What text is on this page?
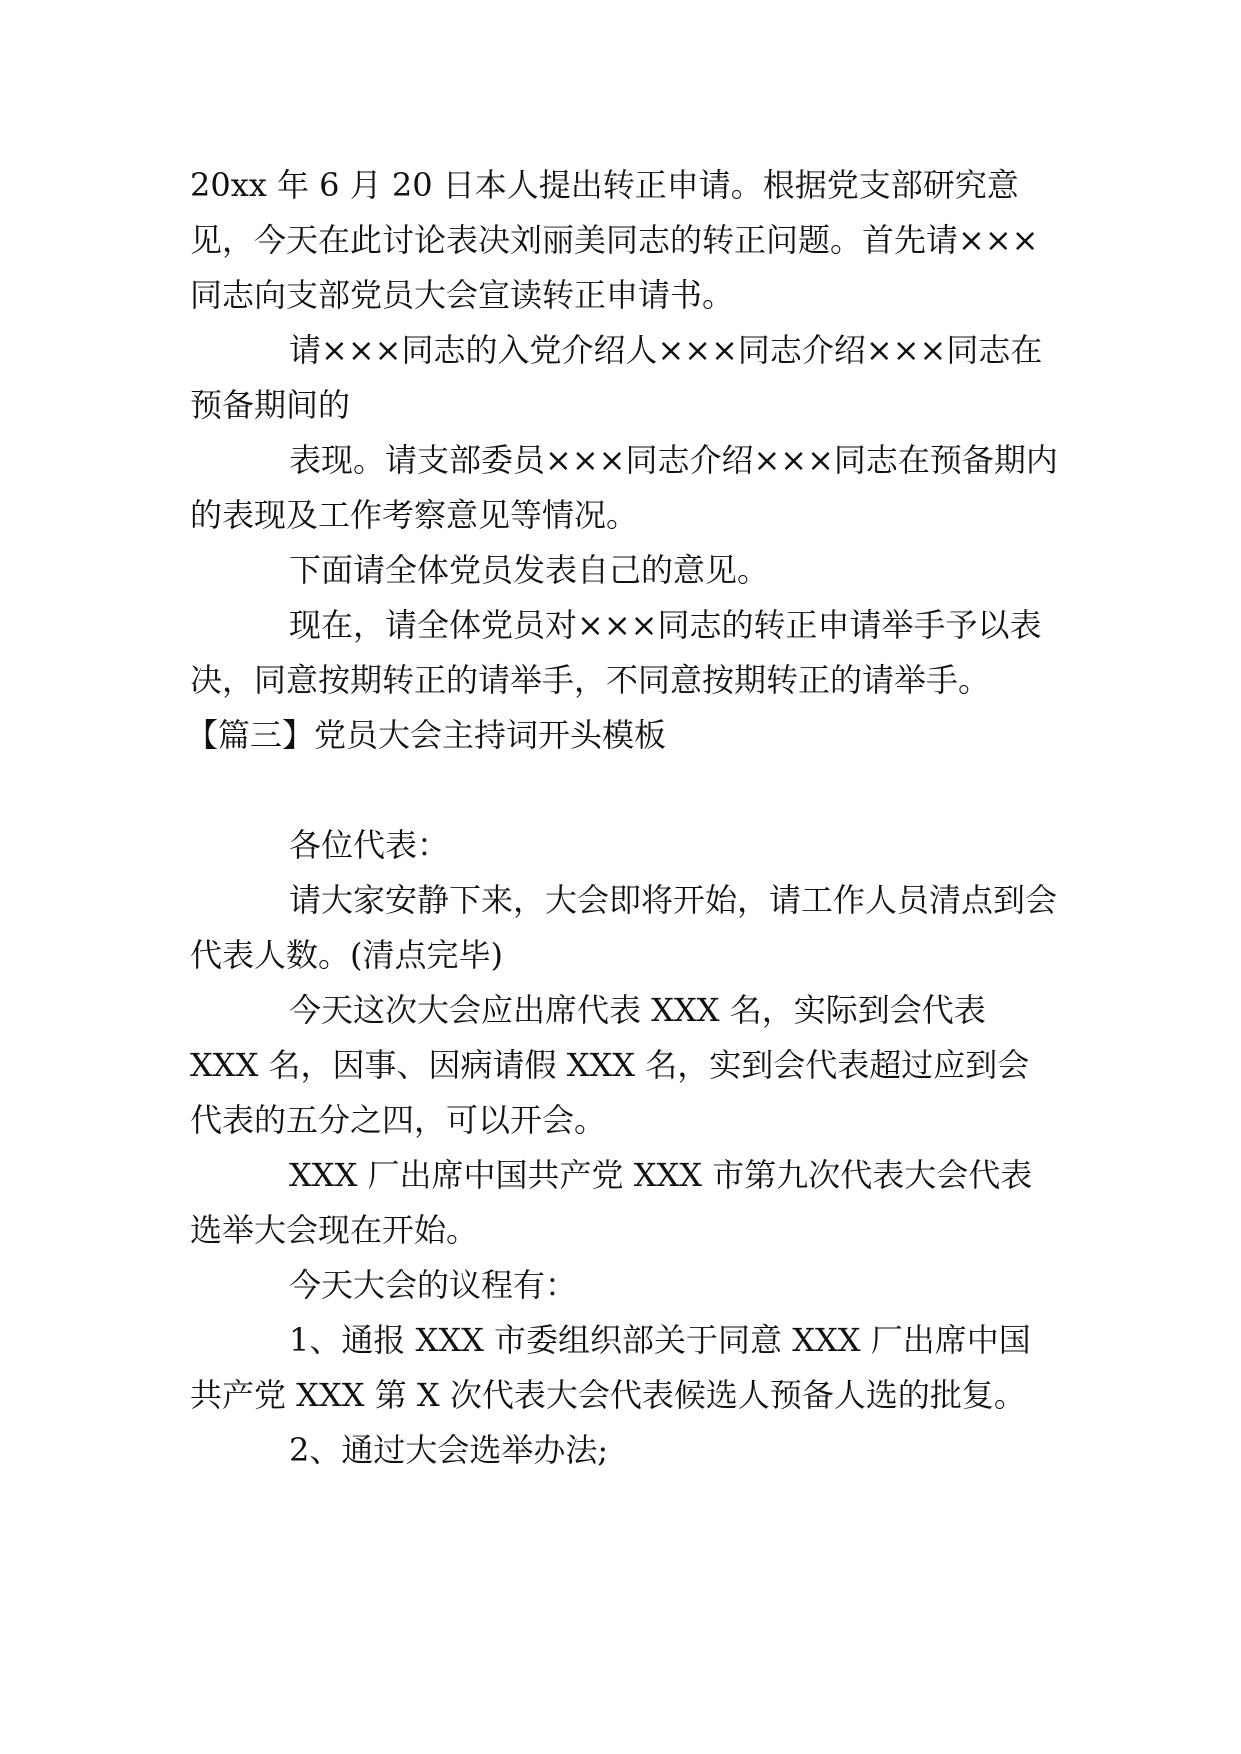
20xx 年 6 月 20 日本人提出转正申请。根据党支部研究意见，今天在此讨论表决刘丽美同志的转正问题。首先请×××同志向支部党员大会宣读转正申请书。

请×××同志的入党介绍人×××同志介绍×××同志在预备期间的

表现。请支部委员×××同志介绍×××同志在预备期内的表现及工作考察意见等情况。

下面请全体党员发表自己的意见。

现在，请全体党员对×××同志的转正申请举手予以表决，同意按期转正的请举手，不同意按期转正的请举手。

【篇三】党员大会主持词开头模板

各位代表：

请大家安静下来，大会即将开始，请工作人员清点到会代表人数。(清点完毕)

今天这次大会应出席代表 XXX 名，实际到会代表 XXX 名，因事、因病请假 XXX 名，实到会代表超过应到会代表的五分之四，可以开会。

XXX 厂出席中国共产党 XXX 市第九次代表大会代表选举大会现在开始。

今天大会的议程有：

1、通报 XXX 市委组织部关于同意 XXX 厂出席中国共产党 XXX 第 X 次代表大会代表候选人预备人选的批复。

2、通过大会选举办法;
